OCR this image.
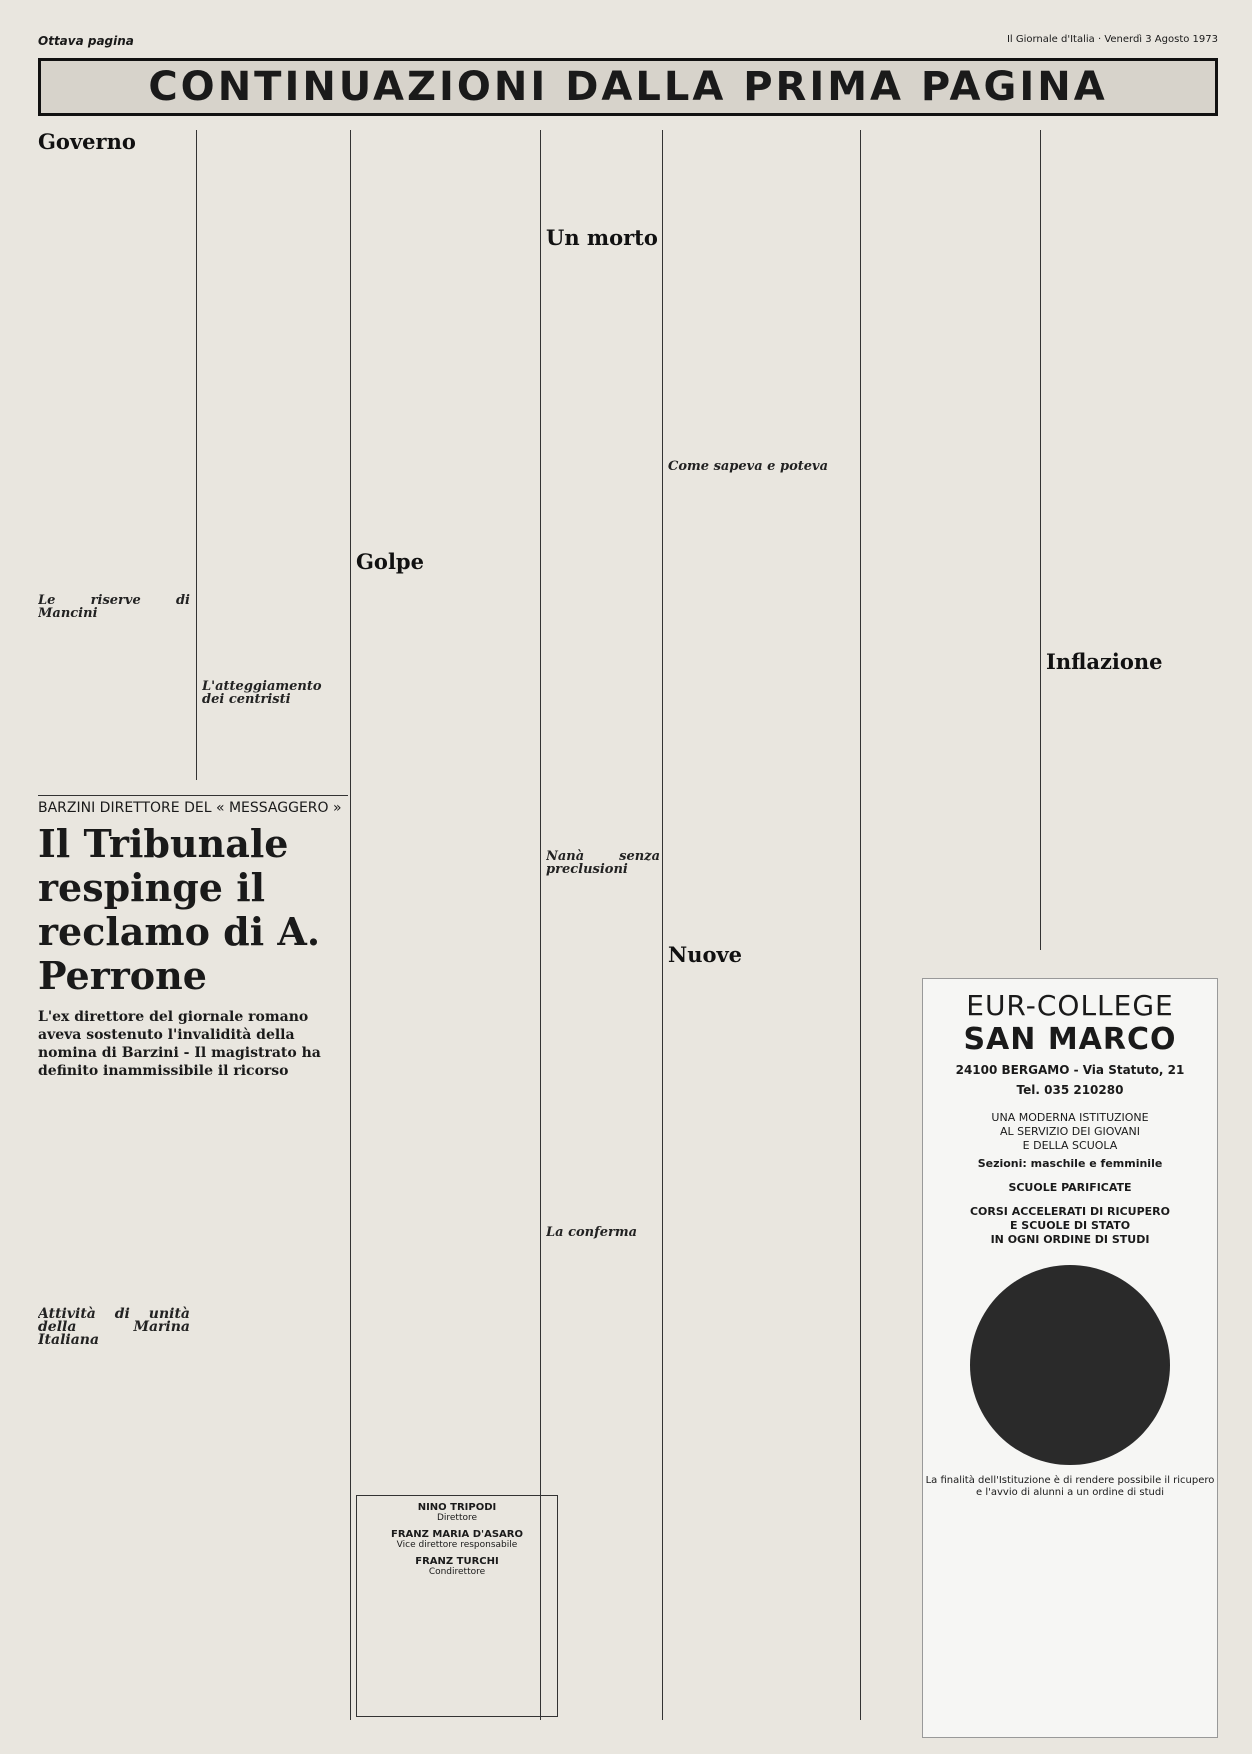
Ottava pagina	Il Giornale d'Italia · Venerdì 3 Agosto 1973
CONTINUAZIONI DALLA PRIMA PAGINA
Governo
Le riserve di Mancini
L'atteggiamento dei centristi
Golpe
Un morto
Nanà senza preclusioni
La conferma
Come sapeva e poteva
Nuove
Inflazione
BARZINI DIRETTORE DEL « MESSAGGERO »
Il Tribunale respinge il reclamo di A. Perrone
L'ex direttore del giornale romano aveva sostenuto l'invalidità della nomina di Barzini - Il magistrato ha definito inammissibile il ricorso
Attività di unità della Marina Italiana
NINO TRIPODI
Direttore
FRANZ MARIA D'ASARO
Vice direttore responsabile
FRANZ TURCHI
Condirettore
EUR-COLLEGE
SAN MARCO
24100 BERGAMO - Via Statuto, 21
Tel. 035 210280
UNA MODERNA ISTITUZIONE
AL SERVIZIO DEI GIOVANI
E DELLA SCUOLA
Sezioni: maschile e femminile
SCUOLE PARIFICATE
CORSI ACCELERATI DI RICUPERO
E SCUOLE DI STATO
IN OGNI ORDINE DI STUDI
La finalità dell'Istituzione è di rendere possibile il ricupero e l'avvio di alunni a un ordine di studi
